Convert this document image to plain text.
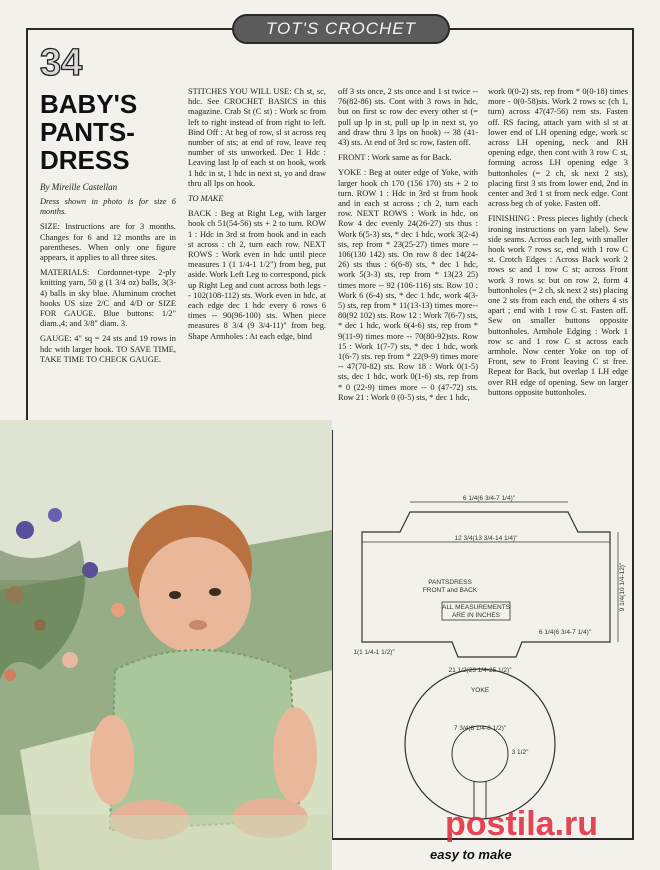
TOT'S CROCHET
34
BABY'S
PANTS-
DRESS
By Mireille Castellan

Dress shown in photo is for size 6 months.

SIZE: Instructions are for 3 months. Changes for 6 and 12 months are in parentheses. When only one figure appears, it applies to all three sites.

MATERIALS: Cordonnet-type 2-ply knitting yarn, 50 g (1 3/4 oz) balls, 3(3-4) balls in sky blue. Aluminum crochet hooks US size 2/C and 4/D or SIZE FOR GAUGE. Blue buttons: 1/2" diam.,4; and 3/8" diam. 3.

GAUGE: 4" sq = 24 sts and 19 rows in hdc with larger hook. TO SAVE TIME, TAKE TIME TO CHECK GAUGE.

STITCHES YOU WILL USE: Ch st, sc, hdc. See CROCHET BASICS in this magazine. Crab St (C st) : Work sc from left to right instead of from right to left. Bind Off : At beg of row, sl st across req number of sts; at end of row, leave req number of sts unworked. Dec 1 Hdc : Leaving last lp of each st on hook, work 1 hdc in st, 1 hdc in next st, yo and draw thru all lps on hook.

TO MAKE

BACK : Beg at Right Leg, with larger hook ch 51(54-56) sts + 2 to turn. ROW 1 : Hdc in 3rd st from hook and in each st across : ch 2, turn each row. NEXT ROWS : Work even in hdc until piece measures 1 (1 1/4-1 1/2") from beg, put aside. Work Left Leg to correspond, pick up Right Leg and cont across both legs -- 102(108-112) sts. Work even in hdc, at each edge dec 1 hdc every 6 rows 6 times -- 90(96-100) sts. When piece measures 8 3/4 (9 3/4-11)" from beg. Shape Armholes : At each edge, bind

off 3 sts once, 2 sts once and 1 st twice -- 76(82-86) sts. Cont with 3 rows in hdc, but on first sc row dec every other st (= pull up lp in st, pull up lp in next st, yo and draw thru 3 lps on hook) -- 38 (41-43) sts. At end of 3rd sc row, fasten off.

FRONT : Work same as for Back.

YOKE : Beg at outer edge of Yoke, with larger hook ch 170 (156 170) sts + 2 to turn. ROW 1 : Hdc in 3rd st from hook and in each st across ; ch 2, turn each row. NEXT ROWS : Work in hdc, on Row 4 dec evenly 24(26-27) sts thus : Work 6(5-3) sts, * dec 1 hdc, work 3(2-4) sts, rep from * 23(25-27) times more -- 106(130 142) sts. On row 8 dec 14(24-26) sts thus : 6(6-8) sts, * dec 1 hdc, work 5(3-3) sts, rep from * 13(23 25) times more -- 92 (106-116) sts. Row 10 : Work 6 (6-4) sts, * dec 1 hdc, work 4(3-5) sts, rep from * 11(13-13) times more-- 80(92 102) sts. Row 12 : Work 7(6-7) sts, * dec 1 hdc, work 6(4-6) sts, rep from * 9(11-9) times more -- 70(80-92)sts. Row 15 : Work 1(7-7) sts, * dec 1 hdc, work 1(6-7) sts. rep from * 22(9-9) times more -- 47(70-82) sts. Row 18 : Work 0(1-5) sts, dec 1 hdc, work 0(1-6) sts, rep from * 0 (22-9) times more -- 0 (47-72) sts. Row 21 : Work 0 (0-5) sts, * dec 1 hdc,

work 0(0-2) sts, rep from * 0(0-18) times more - 0(0-58)sts. Work 2 rows sc (ch 1, turn) across 47(47-56) rem sts. Fasten off. RS facing, attach yarn with sl st at lower end of LH opening edge, work sc across LH opening, neck and RH opening edge, then cont with 3 row C st, forming across LH opening edge 3 buttonholes (= 2 ch, sk next 2 sts), placing first 3 sts from lower end, 2nd in center and 3rd 1 st from neck edge. Cont across beg ch of yoke. Fasten off.

FINISHING : Press pieces lightly (check ironing instructions on yarn label). Sew side seams. Across each leg, with smaller hook work 7 rows sc, end with 1 row C st. Crotch Edges : Across Back work 2 rows sc and 1 row C st; across Front work 3 rows sc but on row 2, form 4 buttonholes (= 2 ch, sk next 2 sts) placing one 2 sts from each end, the others 4 sts apart ; end with 1 row C st. Fasten off. Sew on smaller buttons opposite buttonholes. Armhole Edging : Work 1 row sc and 1 row C st across each armhole. Now center Yoke on top of Front, sew to Front leaving C st free. Repeat for Back, but overlap 1 LH edge over RH edge of opening. Sew on larger buttons opposite buttonholes.

6 1/4(6 3/4-7 1/4)"
12 3/4(13 3/4-14 1/4)"
PANTSDRESS
FRONT and BACK
ALL MEASUREMENTS
ARE IN INCHES
9 1/4(10 1/4-12)"
6 1/4(6 3/4-7 1/4)"
1(1 1/4-1 1/2)"
21 1/2(23 1/4-25 1/2)"
YOKE
7 3/4(8 1/4-8 1/2)"
3 1/2"
postila.ru
easy to make
